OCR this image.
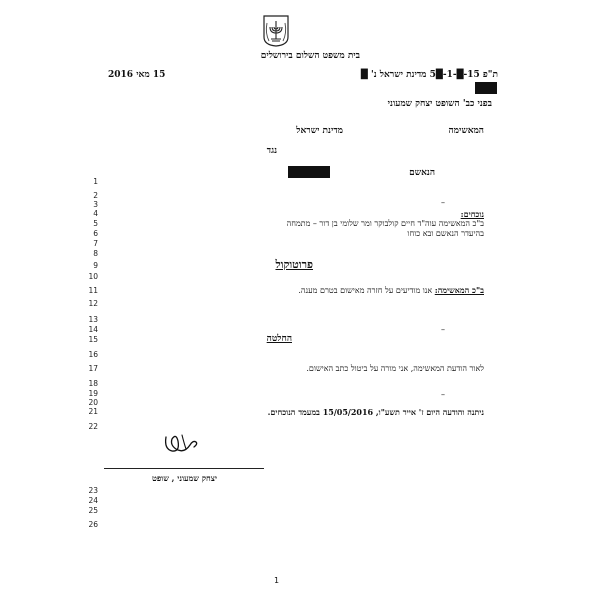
בית משפט השלום בירושלים
15 מאי 2016	ת"פ 15-█-1-█5 מדינת ישראל נ' █
בפני כב' השופט יצחק שמעוני
המאשימה
מדינת ישראל
נגד
הנאשם
1
2
3
4
5
6
7
8
9
10
11
12
13
14
15
16
17
18
19
20
21
22
23
24
25
26
–
נוכחים:
ב"כ המאשימה עוה"ד חיים קולבוקר ומר שלומי בן דור – מתמחה
בהיעדר הנאשם ובא כוחו
פרוטוקול
ב"כ המאשימה: אנו מודיעים על חזרה מאישום בטרם מענה.
–
החלטה
לאור הודעת המאשימה, אני מורה על ביטול כתב האישום.
–
ניתנה והודעה היום ז' אייר תשע"ו, 15/05/2016 במעמד הנוכחים.
יצחק שמעוני , שופט
1
